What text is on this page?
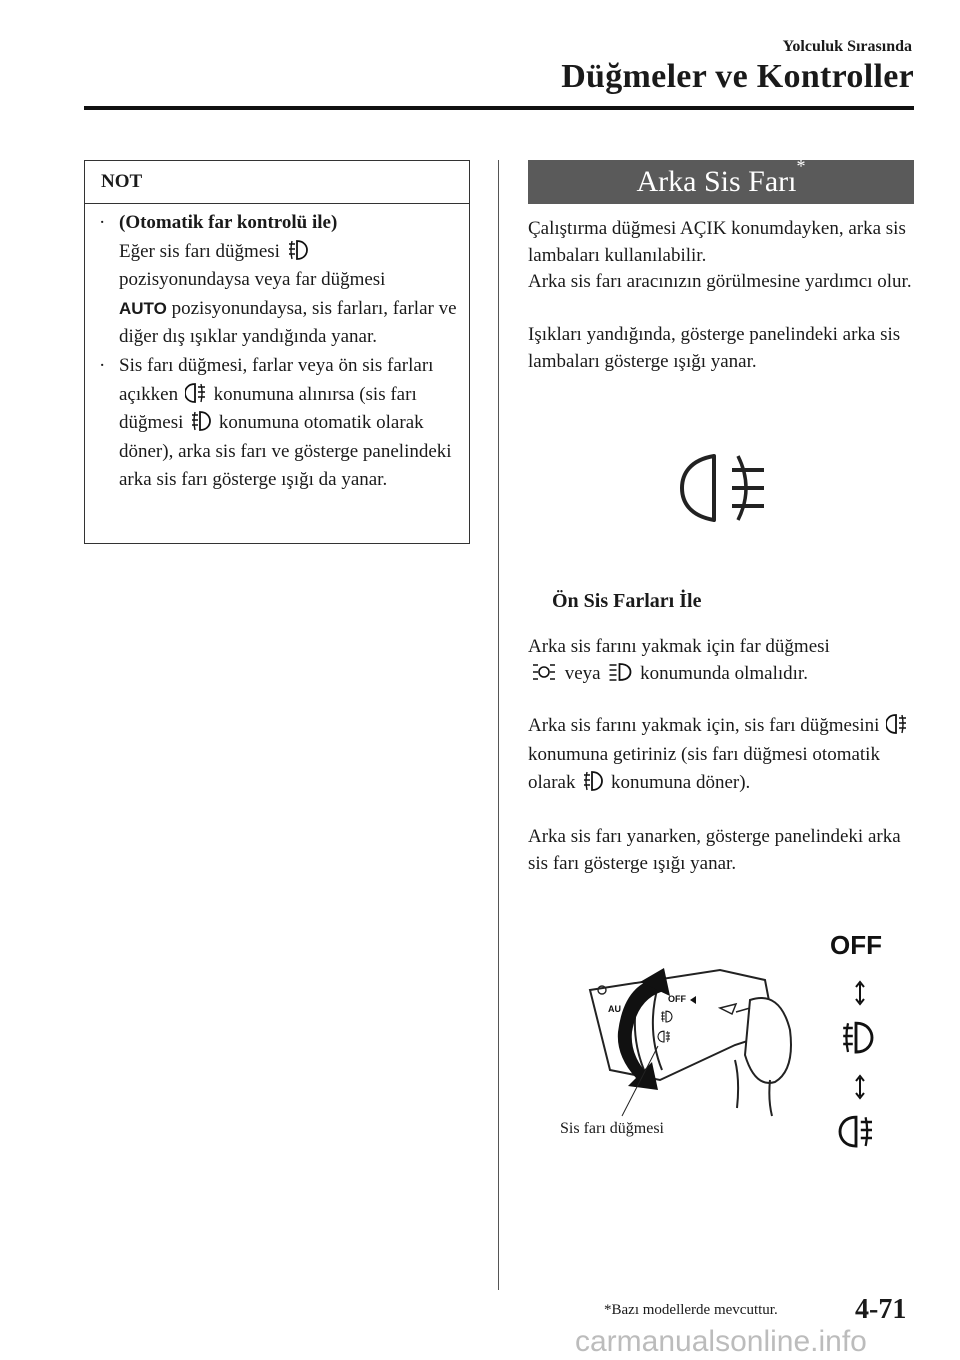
Yolculuk Sırasında
Düğmeler ve Kontroller
NOT

· (Otomatik far kontrolü ile)
Eğer sis farı düğmesi
pozisyonundaysa veya far düğmesi
AUTO pozisyonundaysa, sis farları, farlar ve diğer dış ışıklar yandığında yanar.

· Sis farı düğmesi, farlar veya ön sis farları açıkken konumuna alınırsa (sis farı düğmesi konumuna otomatik olarak döner), arka sis farı ve gösterge panelindeki arka sis farı gösterge ışığı da yanar.

Arka Sis Farı*
Çalıştırma düğmesi AÇIK konumdayken, arka sis lambaları kullanılabilir.
Arka sis farı aracınızın görülmesine yardımcı olur.
Işıkları yandığında, gösterge panelindeki arka sis lambaları gösterge ışığı yanar.
Ön Sis Farları İle
Arka sis farını yakmak için far düğmesi
veya konumunda olmalıdır.
Arka sis farını yakmak için, sis farı düğmesini  konumuna getiriniz (sis farı düğmesi otomatik olarak konumuna döner).
Arka sis farı yanarken, gösterge panelindeki arka sis farı gösterge ışığı yanar.
OFF
AU
OFF
Sis farı düğmesi
*Bazı modellerde mevcuttur.	4-71
carmanualsonline.info
